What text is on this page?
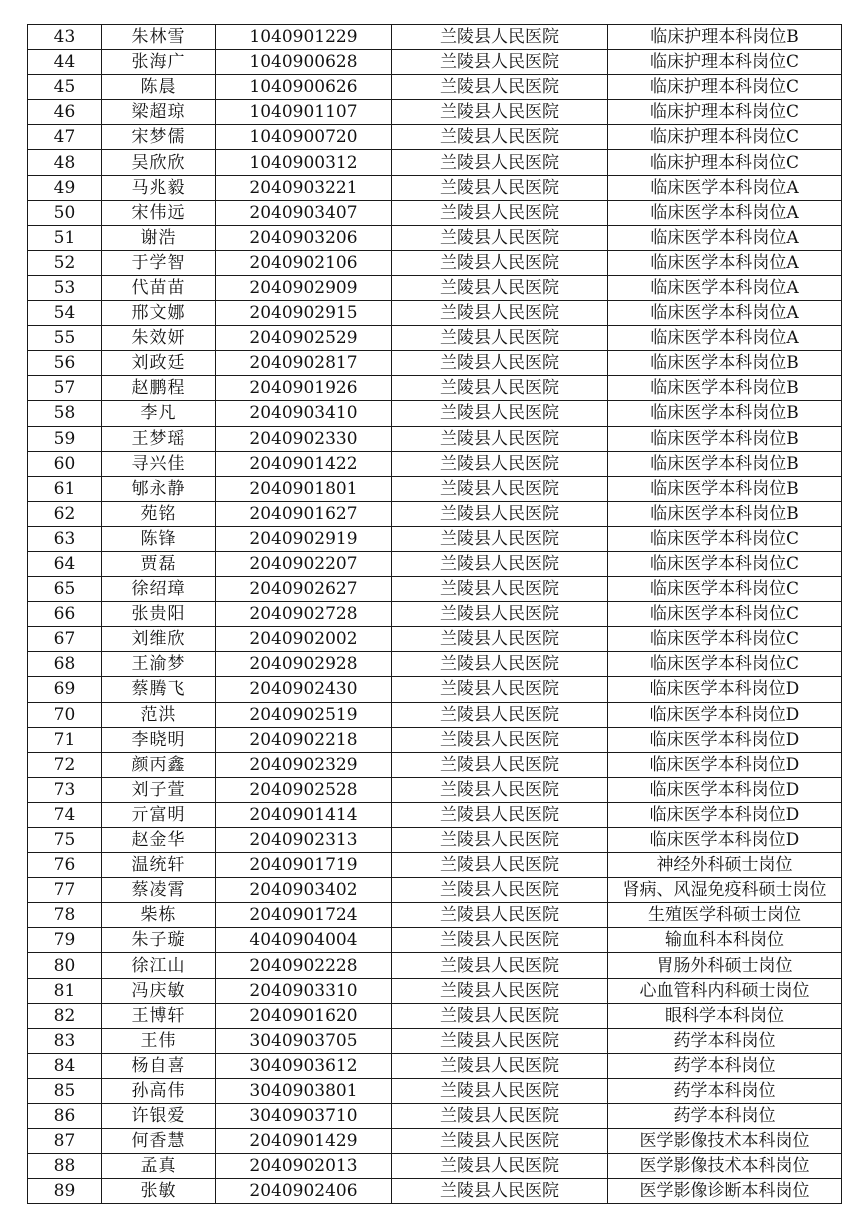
43	朱林雪	1040901229	兰陵县人民医院	临床护理本科岗位B
44	张海广	1040900628	兰陵县人民医院	临床护理本科岗位C
45	陈晨	1040900626	兰陵县人民医院	临床护理本科岗位C
46	梁超琼	1040901107	兰陵县人民医院	临床护理本科岗位C
47	宋梦儒	1040900720	兰陵县人民医院	临床护理本科岗位C
48	吴欣欣	1040900312	兰陵县人民医院	临床护理本科岗位C
49	马兆毅	2040903221	兰陵县人民医院	临床医学本科岗位A
50	宋伟远	2040903407	兰陵县人民医院	临床医学本科岗位A
51	谢浩	2040903206	兰陵县人民医院	临床医学本科岗位A
52	于学智	2040902106	兰陵县人民医院	临床医学本科岗位A
53	代苗苗	2040902909	兰陵县人民医院	临床医学本科岗位A
54	邢文娜	2040902915	兰陵县人民医院	临床医学本科岗位A
55	朱效妍	2040902529	兰陵县人民医院	临床医学本科岗位A
56	刘政廷	2040902817	兰陵县人民医院	临床医学本科岗位B
57	赵鹏程	2040901926	兰陵县人民医院	临床医学本科岗位B
58	李凡	2040903410	兰陵县人民医院	临床医学本科岗位B
59	王梦瑶	2040902330	兰陵县人民医院	临床医学本科岗位B
60	寻兴佳	2040901422	兰陵县人民医院	临床医学本科岗位B
61	郇永静	2040901801	兰陵县人民医院	临床医学本科岗位B
62	苑铭	2040901627	兰陵县人民医院	临床医学本科岗位B
63	陈锋	2040902919	兰陵县人民医院	临床医学本科岗位C
64	贾磊	2040902207	兰陵县人民医院	临床医学本科岗位C
65	徐绍璋	2040902627	兰陵县人民医院	临床医学本科岗位C
66	张贵阳	2040902728	兰陵县人民医院	临床医学本科岗位C
67	刘维欣	2040902002	兰陵县人民医院	临床医学本科岗位C
68	王渝梦	2040902928	兰陵县人民医院	临床医学本科岗位C
69	蔡腾飞	2040902430	兰陵县人民医院	临床医学本科岗位D
70	范洪	2040902519	兰陵县人民医院	临床医学本科岗位D
71	李晓明	2040902218	兰陵县人民医院	临床医学本科岗位D
72	颜丙鑫	2040902329	兰陵县人民医院	临床医学本科岗位D
73	刘子萱	2040902528	兰陵县人民医院	临床医学本科岗位D
74	亓富明	2040901414	兰陵县人民医院	临床医学本科岗位D
75	赵金华	2040902313	兰陵县人民医院	临床医学本科岗位D
76	温统轩	2040901719	兰陵县人民医院	神经外科硕士岗位
77	蔡凌霄	2040903402	兰陵县人民医院	肾病、风湿免疫科硕士岗位
78	柴栋	2040901724	兰陵县人民医院	生殖医学科硕士岗位
79	朱子璇	4040904004	兰陵县人民医院	输血科本科岗位
80	徐江山	2040902228	兰陵县人民医院	胃肠外科硕士岗位
81	冯庆敏	2040903310	兰陵县人民医院	心血管科内科硕士岗位
82	王博轩	2040901620	兰陵县人民医院	眼科学本科岗位
83	王伟	3040903705	兰陵县人民医院	药学本科岗位
84	杨自喜	3040903612	兰陵县人民医院	药学本科岗位
85	孙高伟	3040903801	兰陵县人民医院	药学本科岗位
86	许银爱	3040903710	兰陵县人民医院	药学本科岗位
87	何香慧	2040901429	兰陵县人民医院	医学影像技术本科岗位
88	孟真	2040902013	兰陵县人民医院	医学影像技术本科岗位
89	张敏	2040902406	兰陵县人民医院	医学影像诊断本科岗位
